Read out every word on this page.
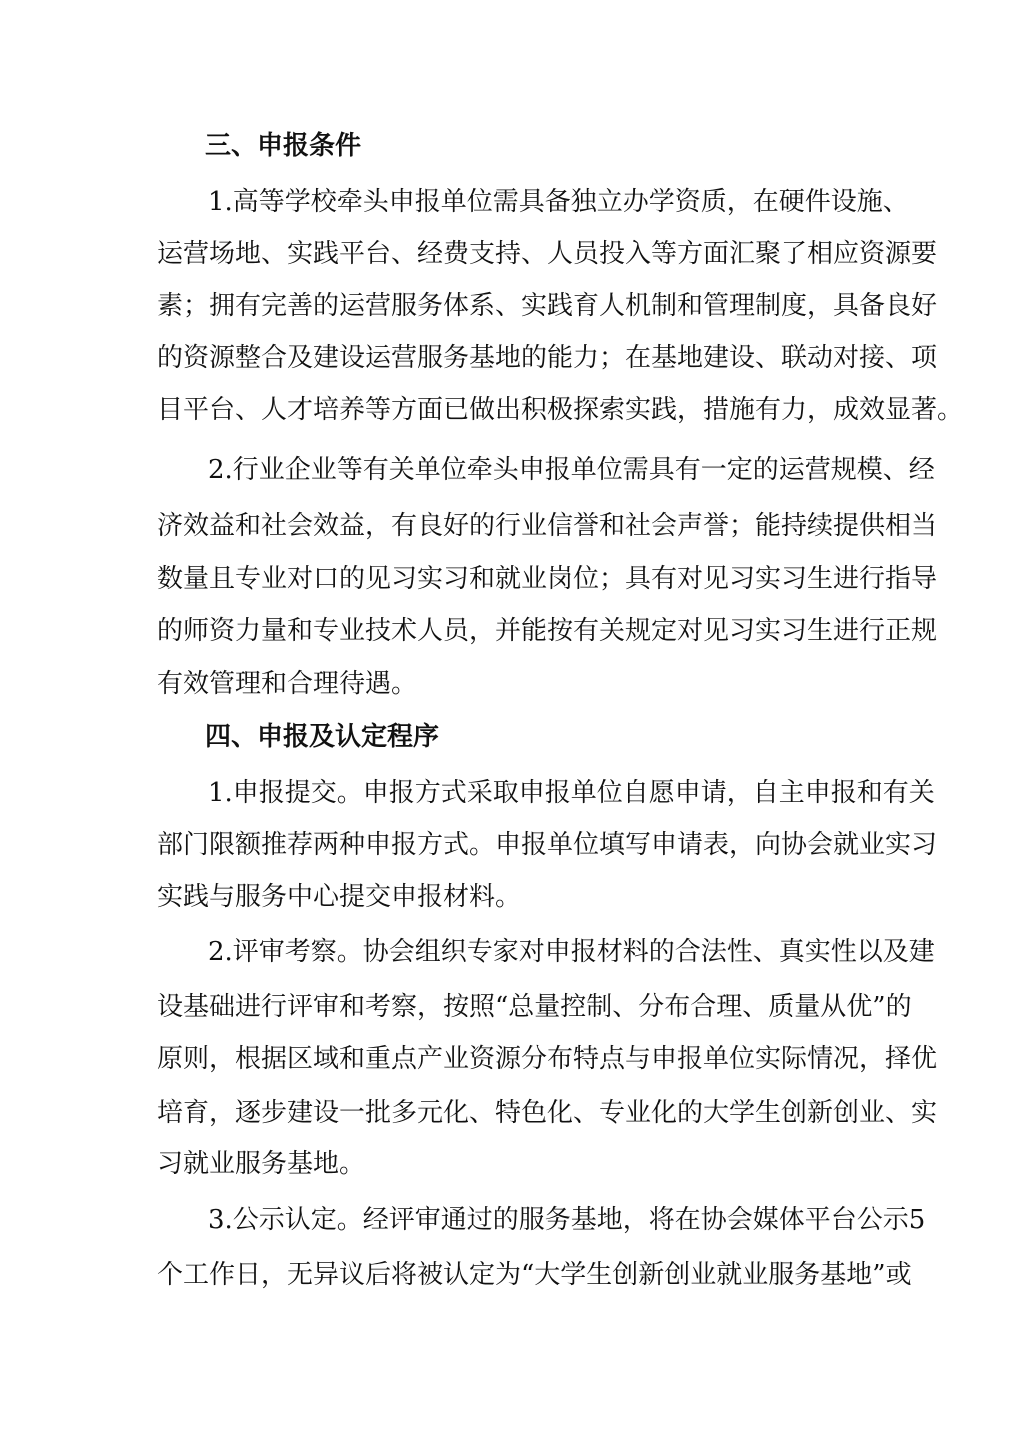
三、申报条件
1.高等学校牵头申报单位需具备独立办学资质，在硬件设施、
运营场地、实践平台、经费支持、人员投入等方面汇聚了相应资源要
素；拥有完善的运营服务体系、实践育人机制和管理制度，具备良好
的资源整合及建设运营服务基地的能力；在基地建设、联动对接、项
目平台、人才培养等方面已做出积极探索实践，措施有力，成效显著。
2.行业企业等有关单位牵头申报单位需具有一定的运营规模、经
济效益和社会效益，有良好的行业信誉和社会声誉；能持续提供相当
数量且专业对口的见习实习和就业岗位；具有对见习实习生进行指导
的师资力量和专业技术人员，并能按有关规定对见习实习生进行正规
有效管理和合理待遇。
四、申报及认定程序
1.申报提交。申报方式采取申报单位自愿申请，自主申报和有关
部门限额推荐两种申报方式。申报单位填写申请表，向协会就业实习
实践与服务中心提交申报材料。
2.评审考察。协会组织专家对申报材料的合法性、真实性以及建
设基础进行评审和考察，按照“总量控制、分布合理、质量从优”的
原则，根据区域和重点产业资源分布特点与申报单位实际情况，择优
培育，逐步建设一批多元化、特色化、专业化的大学生创新创业、实
习就业服务基地。
3.公示认定。经评审通过的服务基地，将在协会媒体平台公示5
个工作日，无异议后将被认定为“大学生创新创业就业服务基地”或
